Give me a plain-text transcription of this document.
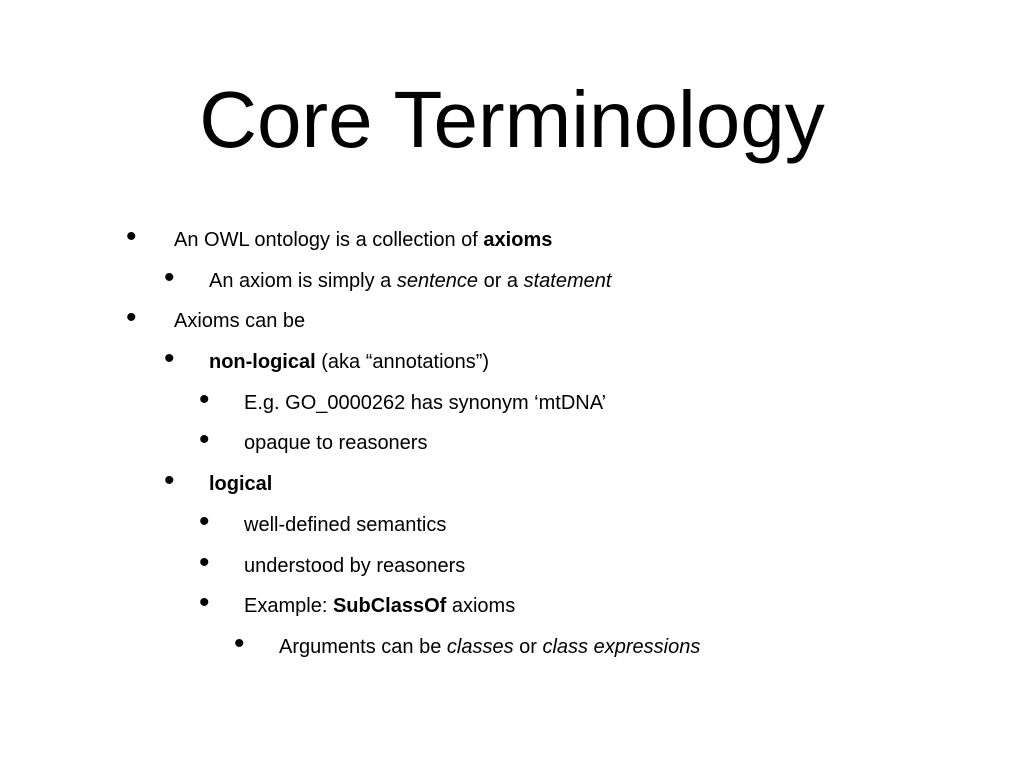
Core Terminology
• An OWL ontology is a collection of axioms
• An axiom is simply a sentence or a statement
• Axioms can be
• non-logical (aka “annotations”)
• E.g. GO_0000262 has synonym ‘mtDNA’
• opaque to reasoners
• logical
• well-defined semantics
• understood by reasoners
• Example: SubClassOf axioms
• Arguments can be classes or class expressions
